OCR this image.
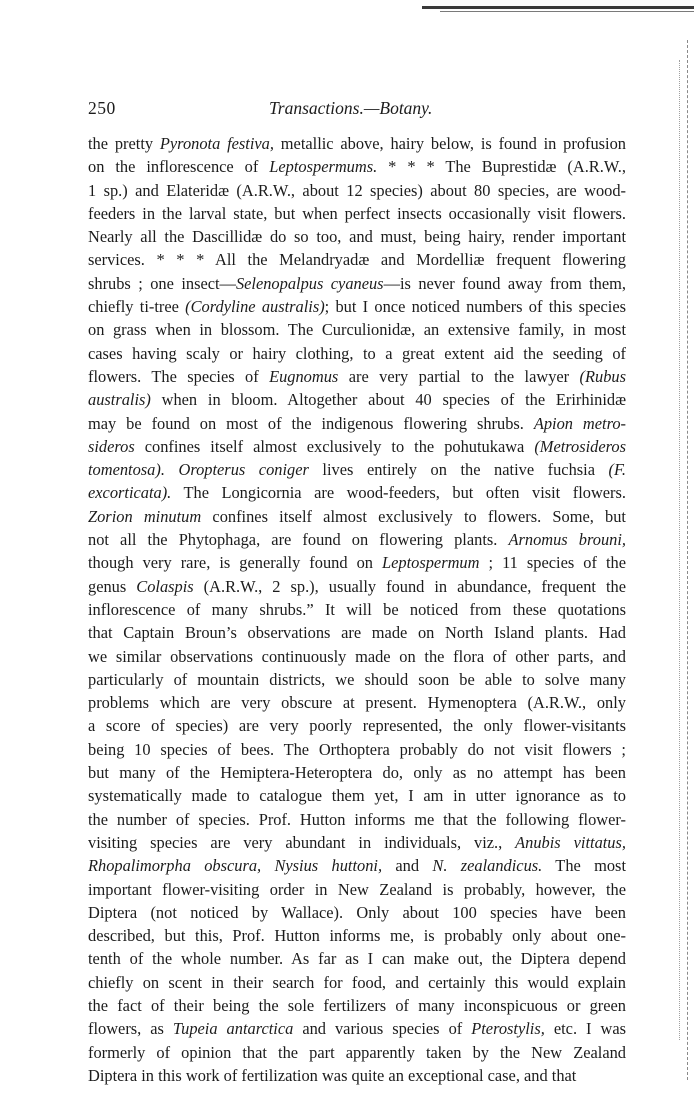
250	Transactions.—Botany.
the pretty Pyronota festiva, metallic above, hairy below, is found in profusion
on the inflorescence of Leptospermums. * * * The Buprestidæ (A.R.W.,
1 sp.) and Elateridæ (A.R.W., about 12 species) about 80 species, are wood-
feeders in the larval state, but when perfect insects occasionally visit flowers.
Nearly all the Dascillidæ do so too, and must, being hairy, render important
services. * * * All the Melandryadæ and Mordelliæ frequent flowering
shrubs ; one insect—Selenopalpus cyaneus—is never found away from them,
chiefly ti-tree (Cordyline australis); but I once noticed numbers of this species
on grass when in blossom. The Curculionidæ, an extensive family, in most
cases having scaly or hairy clothing, to a great extent aid the seeding of
flowers. The species of Eugnomus are very partial to the lawyer (Rubus
australis) when in bloom. Altogether about 40 species of the Erirhinidæ
may be found on most of the indigenous flowering shrubs. Apion metro-
sideros confines itself almost exclusively to the pohutukawa (Metrosideros
tomentosa). Oropterus coniger lives entirely on the native fuchsia (F.
excorticata). The Longicornia are wood-feeders, but often visit flowers.
Zorion minutum confines itself almost exclusively to flowers. Some, but
not all the Phytophaga, are found on flowering plants. Arnomus brouni,
though very rare, is generally found on Leptospermum ; 11 species of the
genus Colaspis (A.R.W., 2 sp.), usually found in abundance, frequent the
inflorescence of many shrubs.” It will be noticed from these quotations
that Captain Broun’s observations are made on North Island plants. Had
we similar observations continuously made on the flora of other parts, and
particularly of mountain districts, we should soon be able to solve many
problems which are very obscure at present. Hymenoptera (A.R.W., only
a score of species) are very poorly represented, the only flower-visitants
being 10 species of bees. The Orthoptera probably do not visit flowers ;
but many of the Hemiptera-Heteroptera do, only as no attempt has been
systematically made to catalogue them yet, I am in utter ignorance as to
the number of species. Prof. Hutton informs me that the following flower-
visiting species are very abundant in individuals, viz., Anubis vittatus,
Rhopalimorpha obscura, Nysius huttoni, and N. zealandicus. The most
important flower-visiting order in New Zealand is probably, however, the
Diptera (not noticed by Wallace). Only about 100 species have been
described, but this, Prof. Hutton informs me, is probably only about one-
tenth of the whole number. As far as I can make out, the Diptera depend
chiefly on scent in their search for food, and certainly this would explain
the fact of their being the sole fertilizers of many inconspicuous or green
flowers, as Tupeia antarctica and various species of Pterostylis, etc. I was
formerly of opinion that the part apparently taken by the New Zealand
Diptera in this work of fertilization was quite an exceptional case, and that
